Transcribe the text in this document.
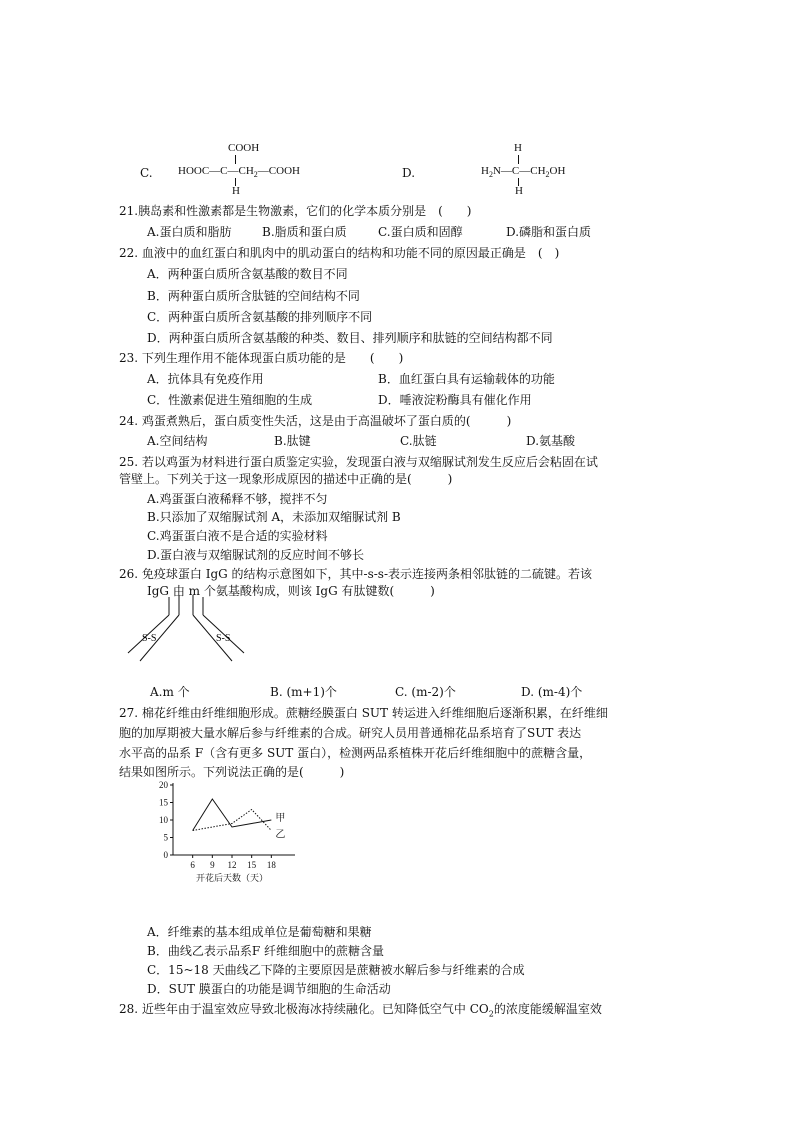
C.
COOH
$HOOC—C—CH_2—COOH$
H
D.
H
$H_2N—C—CH_2OH$
H
21.胰岛素和性激素都是生物激素，它们的化学本质分别是　(　　)
A.蛋白质和脂肪	B.脂质和蛋白质	C.蛋白质和固醇	D.磷脂和蛋白质
22. 血液中的血红蛋白和肌肉中的肌动蛋白的结构和功能不同的原因最正确是　(　)
A．两种蛋白质所含氨基酸的数目不同
B．两种蛋白质所含肽链的空间结构不同
C．两种蛋白质所含氨基酸的排列顺序不同
D．两种蛋白质所含氨基酸的种类、数目、排列顺序和肽链的空间结构都不同
23. 下列生理作用不能体现蛋白质功能的是　　(　　)
A．抗体具有免疫作用	B．血红蛋白具有运输载体的功能
C．性激素促进生殖细胞的生成	D．唾液淀粉酶具有催化作用
24. 鸡蛋煮熟后，蛋白质变性失活，这是由于高温破坏了蛋白质的(　　　)
A.空间结构	B.肽键	C.肽链	D.氨基酸
25. 若以鸡蛋为材料进行蛋白质鉴定实验，发现蛋白液与双缩脲试剂发生反应后会粘固在试
管壁上。下列关于这一现象形成原因的描述中正确的是(　　　)
A.鸡蛋蛋白液稀释不够，搅拌不匀
B.只添加了双缩脲试剂 A，未添加双缩脲试剂 B
C.鸡蛋蛋白液不是合适的实验材料
D.蛋白液与双缩脲试剂的反应时间不够长
26. 免疫球蛋白 IgG 的结构示意图如下，其中-s-s-表示连接两条相邻肽链的二硫键。若该
IgG 由 m 个氨基酸构成，则该 IgG 有肽键数(　　　)
S-S	S-S
A.m 个	B. (m+1)个	C. (m-2)个	D. (m-4)个
27. 棉花纤维由纤维细胞形成。蔗糖经膜蛋白 SUT 转运进入纤维细胞后逐渐积累，在纤维细
胞的加厚期被大量水解后参与纤维素的合成。研究人员用普通棉花品系培育了SUT 表达
水平高的品系 F（含有更多 SUT 蛋白），检测两品系植株开花后纤维细胞中的蔗糖含量，
结果如图所示。下列说法正确的是(　　　)
0
5
10
15
20
6 9 12 15 18
开花后天数（天）
甲
乙
A．纤维素的基本组成单位是葡萄糖和果糖
B．曲线乙表示品系F 纤维细胞中的蔗糖含量
C．15~18 天曲线乙下降的主要原因是蔗糖被水解后参与纤维素的合成
D．SUT 膜蛋白的功能是调节细胞的生命活动
28. 近些年由于温室效应导致北极海冰持续融化。已知降低空气中 $CO_2$的浓度能缓解温室效
